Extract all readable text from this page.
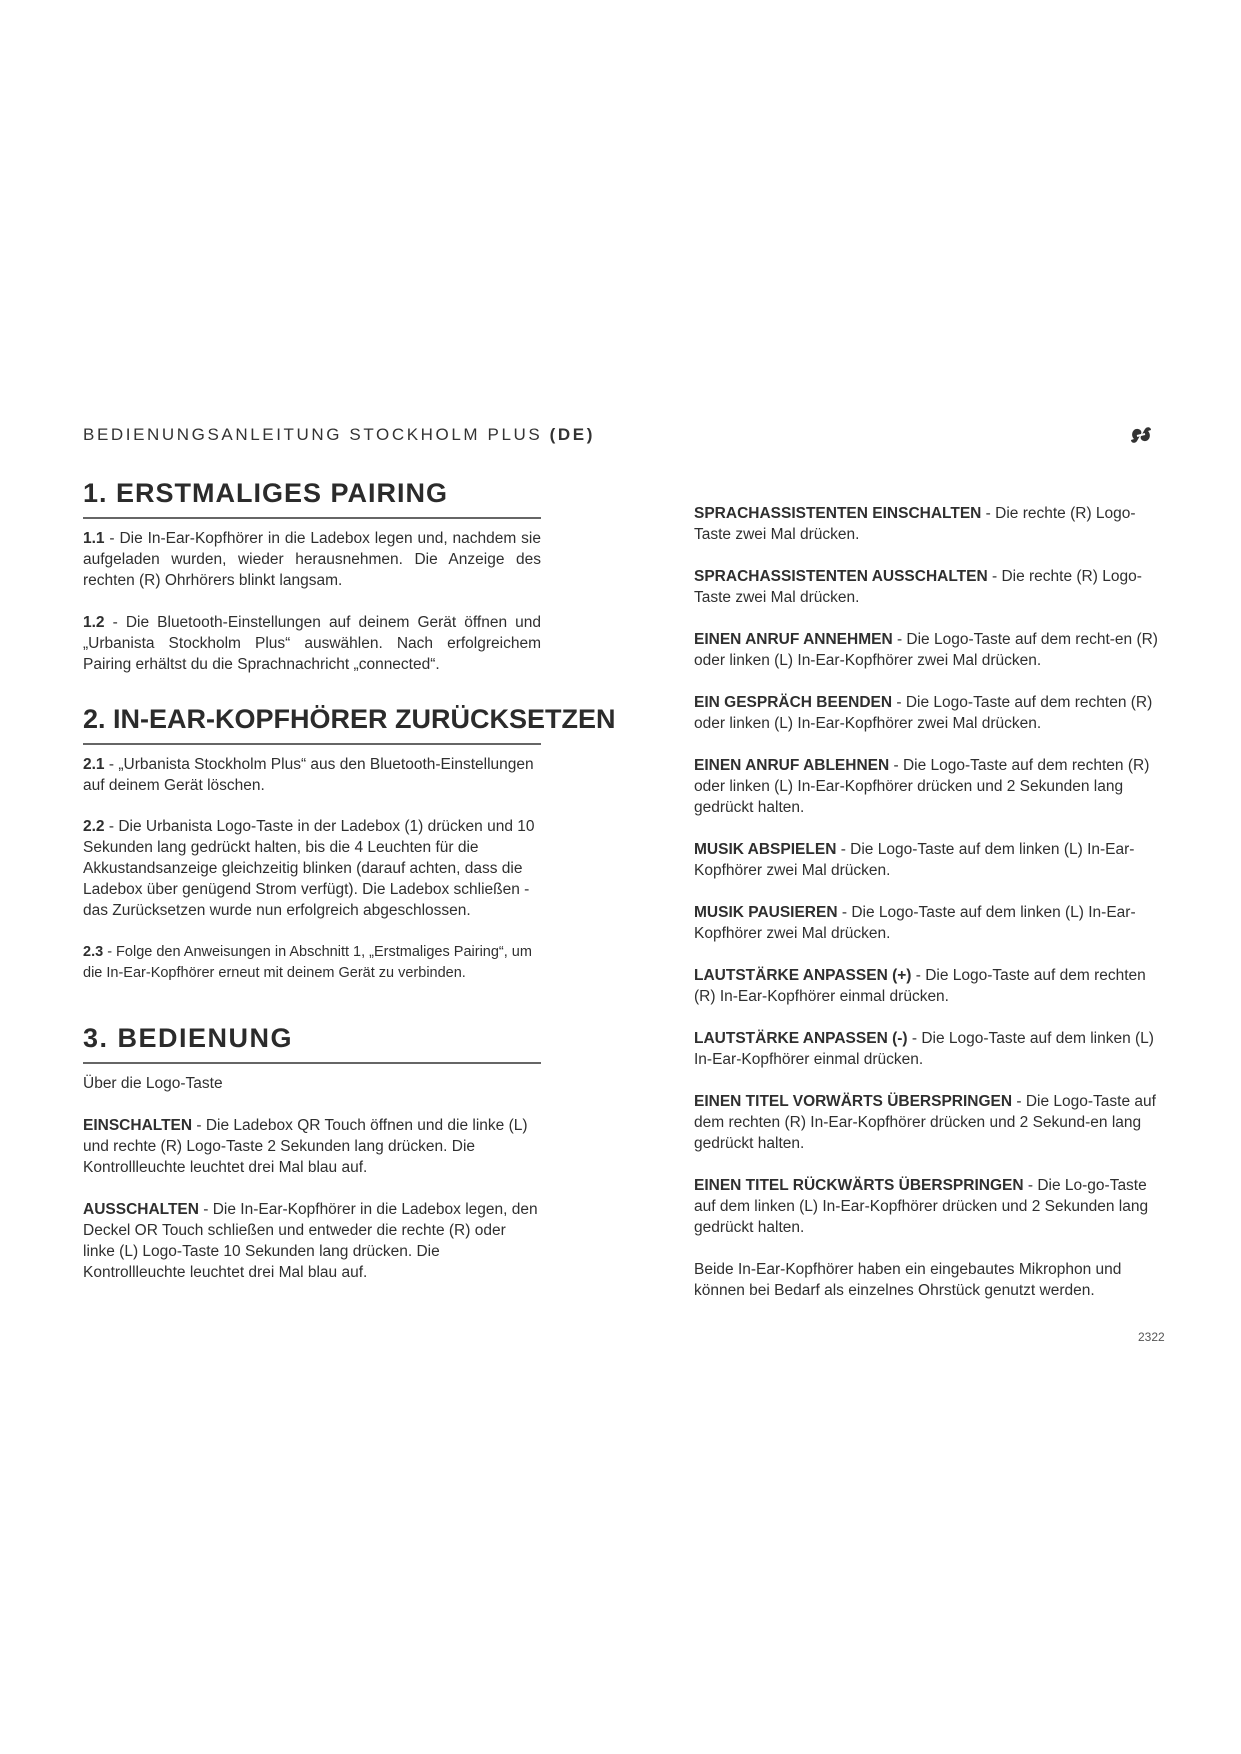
BEDIENUNGSANLEITUNG STOCKHOLM PLUS (DE)
1. ERSTMALIGES PAIRING
1.1 - Die In-Ear-Kopfhörer in die Ladebox legen und, nachdem sie aufgeladen wurden, wieder herausnehmen. Die Anzeige des rechten (R) Ohrhörers blinkt langsam.
1.2 - Die Bluetooth-Einstellungen auf deinem Gerät öffnen und „Urbanista Stockholm Plus“ auswählen. Nach erfolgreichem Pairing erhältst du die Sprachnachricht „connected“.
2. IN-EAR-KOPFHÖRER ZURÜCKSETZEN
2.1 - „Urbanista Stockholm Plus“ aus den Bluetooth-Einstellungen auf deinem Gerät löschen.
2.2 - Die Urbanista Logo-Taste in der Ladebox (1) drücken und 10 Sekunden lang gedrückt halten, bis die 4 Leuchten für die Akkustandsanzeige gleichzeitig blinken (darauf achten, dass die Ladebox über genügend Strom verfügt). Die Ladebox schließen - das Zurücksetzen wurde nun erfolgreich abgeschlossen.
2.3 - Folge den Anweisungen in Abschnitt 1, „Erstmaliges Pairing“, um die In-Ear-Kopfhörer erneut mit deinem Gerät zu verbinden.
3. BEDIENUNG
Über die Logo-Taste
EINSCHALTEN - Die Ladebox QR Touch öffnen und die linke (L) und rechte (R) Logo-Taste 2 Sekunden lang drücken. Die Kontrollleuchte leuchtet drei Mal blau auf.
AUSSCHALTEN - Die In-Ear-Kopfhörer in die Ladebox legen, den Deckel OR Touch schließen und entweder die rechte (R) oder linke (L) Logo-Taste 10 Sekunden lang drücken. Die Kontrollleuchte leuchtet drei Mal blau auf.
SPRACHASSISTENTEN EINSCHALTEN - Die rechte (R) Logo-Taste zwei Mal drücken.
SPRACHASSISTENTEN AUSSCHALTEN - Die rechte (R) Logo-Taste zwei Mal drücken.
EINEN ANRUF ANNEHMEN - Die Logo-Taste auf dem recht-en (R) oder linken (L) In-Ear-Kopfhörer zwei Mal drücken.
EIN GESPRÄCH BEENDEN - Die Logo-Taste auf dem rechten (R) oder linken (L) In-Ear-Kopfhörer zwei Mal drücken.
EINEN ANRUF ABLEHNEN - Die Logo-Taste auf dem rechten (R) oder linken (L) In-Ear-Kopfhörer drücken und 2 Sekunden lang gedrückt halten.
MUSIK ABSPIELEN - Die Logo-Taste auf dem linken (L) In-Ear-Kopfhörer zwei Mal drücken.
MUSIK PAUSIEREN - Die Logo-Taste auf dem linken (L) In-Ear-Kopfhörer zwei Mal drücken.
LAUTSTÄRKE ANPASSEN (+) - Die Logo-Taste auf dem rechten (R) In-Ear-Kopfhörer einmal drücken.
LAUTSTÄRKE ANPASSEN (-) - Die Logo-Taste auf dem linken (L) In-Ear-Kopfhörer einmal drücken.
EINEN TITEL VORWÄRTS ÜBERSPRINGEN - Die Logo-Taste auf dem rechten (R) In-Ear-Kopfhörer drücken und 2 Sekund-en lang gedrückt halten.
EINEN TITEL RÜCKWÄRTS ÜBERSPRINGEN - Die Lo-go-Taste auf dem linken (L) In-Ear-Kopfhörer drücken und 2 Sekunden lang gedrückt halten.
Beide In-Ear-Kopfhörer haben ein eingebautes Mikrophon und können bei Bedarf als einzelnes Ohrstück genutzt werden.
2322
